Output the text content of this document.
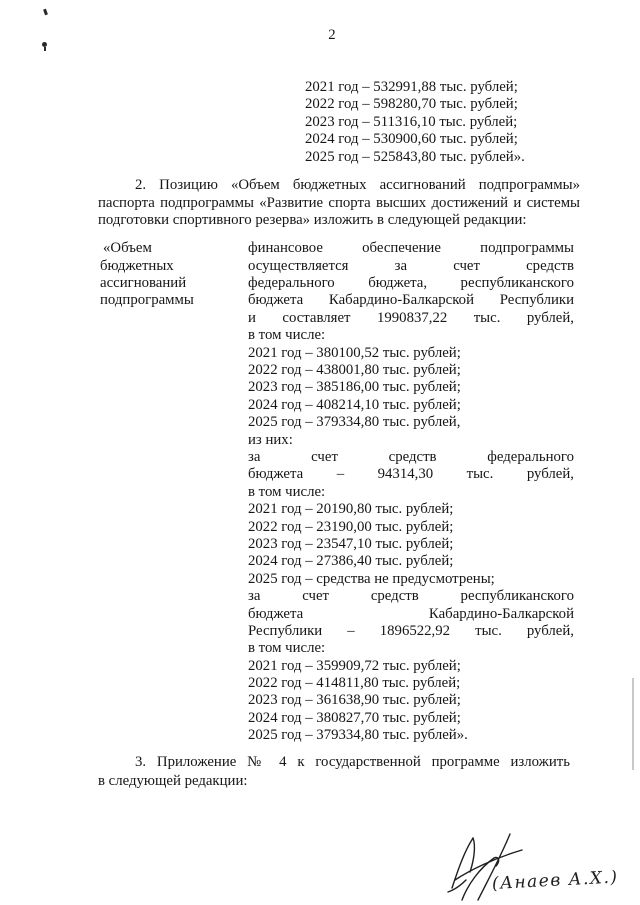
2
2021 год – 532991,88 тыс. рублей;
2022 год – 598280,70 тыс. рублей;
2023 год – 511316,10 тыс. рублей;
2024 год – 530900,60 тыс. рублей;
2025 год – 525843,80 тыс. рублей».
2. Позицию «Объем бюджетных ассигнований подпрограммы»
паспорта подпрограммы «Развитие спорта высших достижений и системы
подготовки спортивного резерва» изложить в следующей редакции:
«Объем
бюджетных
ассигнований
подпрограммы
финансовое обеспечение подпрограммы
осуществляется за счет средств
федерального бюджета, республиканского
бюджета Кабардино-Балкарской Республики
и составляет 1990837,22 тыс. рублей,
в том числе:
2021 год – 380100,52 тыс. рублей;
2022 год – 438001,80 тыс. рублей;
2023 год – 385186,00 тыс. рублей;
2024 год – 408214,10 тыс. рублей;
2025 год – 379334,80 тыс. рублей,
из них:
за счет средств федерального
бюджета – 94314,30 тыс. рублей,
в том числе:
2021 год – 20190,80 тыс. рублей;
2022 год – 23190,00 тыс. рублей;
2023 год – 23547,10 тыс. рублей;
2024 год – 27386,40 тыс. рублей;
2025 год – средства не предусмотрены;
за счет средств республиканского
бюджета Кабардино-Балкарской
Республики – 1896522,92 тыс. рублей,
в том числе:
2021 год – 359909,72 тыс. рублей;
2022 год – 414811,80 тыс. рублей;
2023 год – 361638,90 тыс. рублей;
2024 год – 380827,70 тыс. рублей;
2025 год – 379334,80 тыс. рублей».
3. Приложение № 4 к государственной программе изложить
в следующей редакции:
(Анаев А.Х.)
